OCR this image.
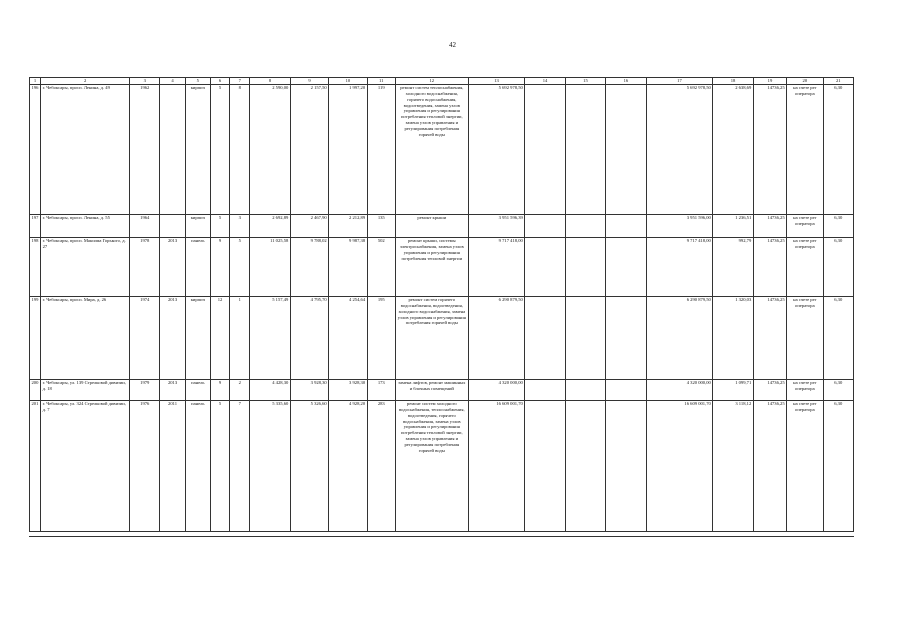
42
1	2	3	4	5	6	7	8	9	10	11	12	13	14	15	16	17	18	19	20	21
196	г. Чебоксары, просп. Ленина, д. 49	1962		кирпич	5	8	2 590,00	2 157,50	1 997,20	119	ремонт систем теплоснабжения, холодного водоснабжения, горячего водоснабжения, водоотведения, замена узлов управления и регулирования потребления тепловой энергии, замена узлов управления и регулирования потребления горячей воды	5 692 978,50				5 692 978,50	2 638,69	14736,25	на счете рег оператора	6,30
197	г. Чебоксары, просп. Ленина, д. 55	1964		кирпич	5	3	2 692,89	2 467,90	2 212,89	135	ремонт крыши	3 951 596,39				3 951 596,00	1 236,51	14736,25	на счете рег оператора	6,30
198	г. Чебоксары, просп. Максима Горького, д. 27	1978	2013	панель	9	5	11 025,58	9 788,02	9 987,38	502	ремонт крыши, системы электроснабжения, замена узлов управления и регулирования потребления тепловой энергии	9 717 418,00				9 717 418,00	992,79	14736,25	на счете рег оператора	6,30
199	г. Чебоксары, просп. Мира, д. 26	1974	2013	кирпич	12	1	5 157,49	4 795,70	4 254,64	195	ремонт систем горячего водоснабжения, водоотведения, холодного водоснабжения, замена узлов управления и регулирования потребления горячей воды	6 290 879,50				6 290 879,50	1 320,03	14736,25	на счете рег оператора	6,30
200	г. Чебоксары, ул. 139 Стрелковой дивизии, д. 18	1979	2013	панель	9	2	4 428,30	3 928,30	3 928,30	173	замена лифтов, ремонт машинных и блочных помещений	4 320 000,00				4 320 000,00	1 099,71	14736,25	на счете рег оператора	6,30
201	г. Чебоксары, ул. 324 Стрелковой дивизии, д. 7	1976	2011	панель	5	7	5 335,60	5 326,60	4 928,20	283	ремонт систем холодного водоснабжения, теплоснабжения, водоотведения, горячего водоснабжения, замена узлов управления и регулирования потребления тепловой энергии, замена узлов управления и регулирования потребления горячей воды	16 609 001,70				16 609 001,70	3 118,12	14736,25	на счете рег оператора	6,30
